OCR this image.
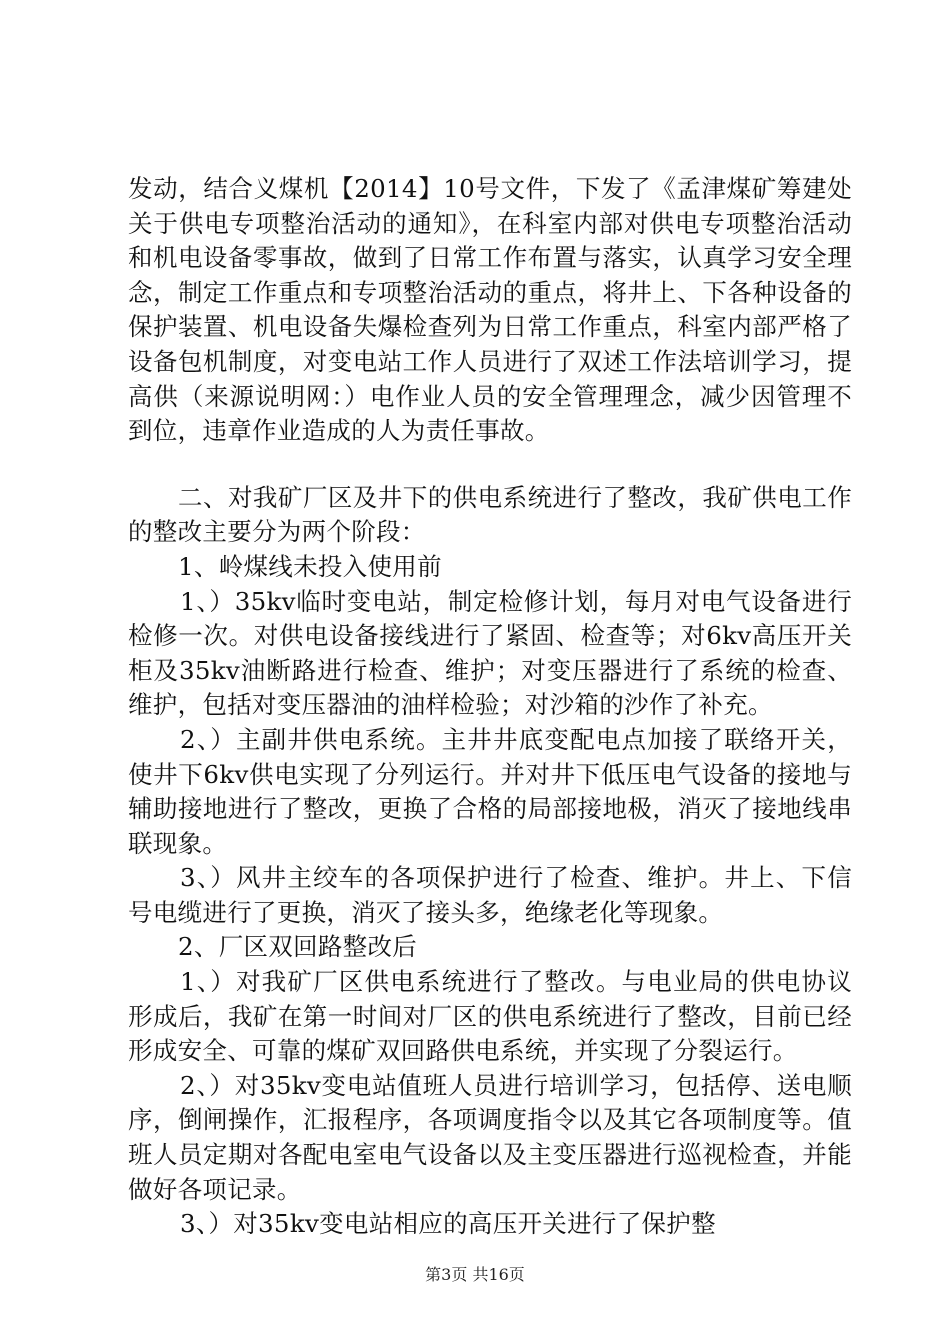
发动，结合义煤机【2014】10号文件，下发了《孟津煤矿筹建处关于供电专项整治活动的通知》，在科室内部对供电专项整治活动和机电设备零事故，做到了日常工作布置与落实，认真学习安全理念，制定工作重点和专项整治活动的重点，将井上、下各种设备的保护装置、机电设备失爆检查列为日常工作重点，科室内部严格了设备包机制度，对变电站工作人员进行了双述工作法培训学习，提高供（来源说明网：）电作业人员的安全管理理念，减少因管理不到位，违章作业造成的人为责任事故。

二、对我矿厂区及井下的供电系统进行了整改，我矿供电工作的整改主要分为两个阶段：

1、岭煤线未投入使用前

1、）35kv临时变电站，制定检修计划，每月对电气设备进行检修一次。对供电设备接线进行了紧固、检查等；对6kv高压开关柜及35kv油断路进行检查、维护；对变压器进行了系统的检查、维护，包括对变压器油的油样检验；对沙箱的沙作了补充。

2、）主副井供电系统。主井井底变配电点加接了联络开关，使井下6kv供电实现了分列运行。并对井下低压电气设备的接地与辅助接地进行了整改，更换了合格的局部接地极，消灭了接地线串联现象。

3、）风井主绞车的各项保护进行了检查、维护。井上、下信号电缆进行了更换，消灭了接头多，绝缘老化等现象。

2、厂区双回路整改后

1、）对我矿厂区供电系统进行了整改。与电业局的供电协议形成后，我矿在第一时间对厂区的供电系统进行了整改，目前已经形成安全、可靠的煤矿双回路供电系统，并实现了分裂运行。

2、）对35kv变电站值班人员进行培训学习，包括停、送电顺序，倒闸操作，汇报程序，各项调度指令以及其它各项制度等。值班人员定期对各配电室电气设备以及主变压器进行巡视检查，并能做好各项记录。

3、）对35kv变电站相应的高压开关进行了保护整

第3页 共16页
